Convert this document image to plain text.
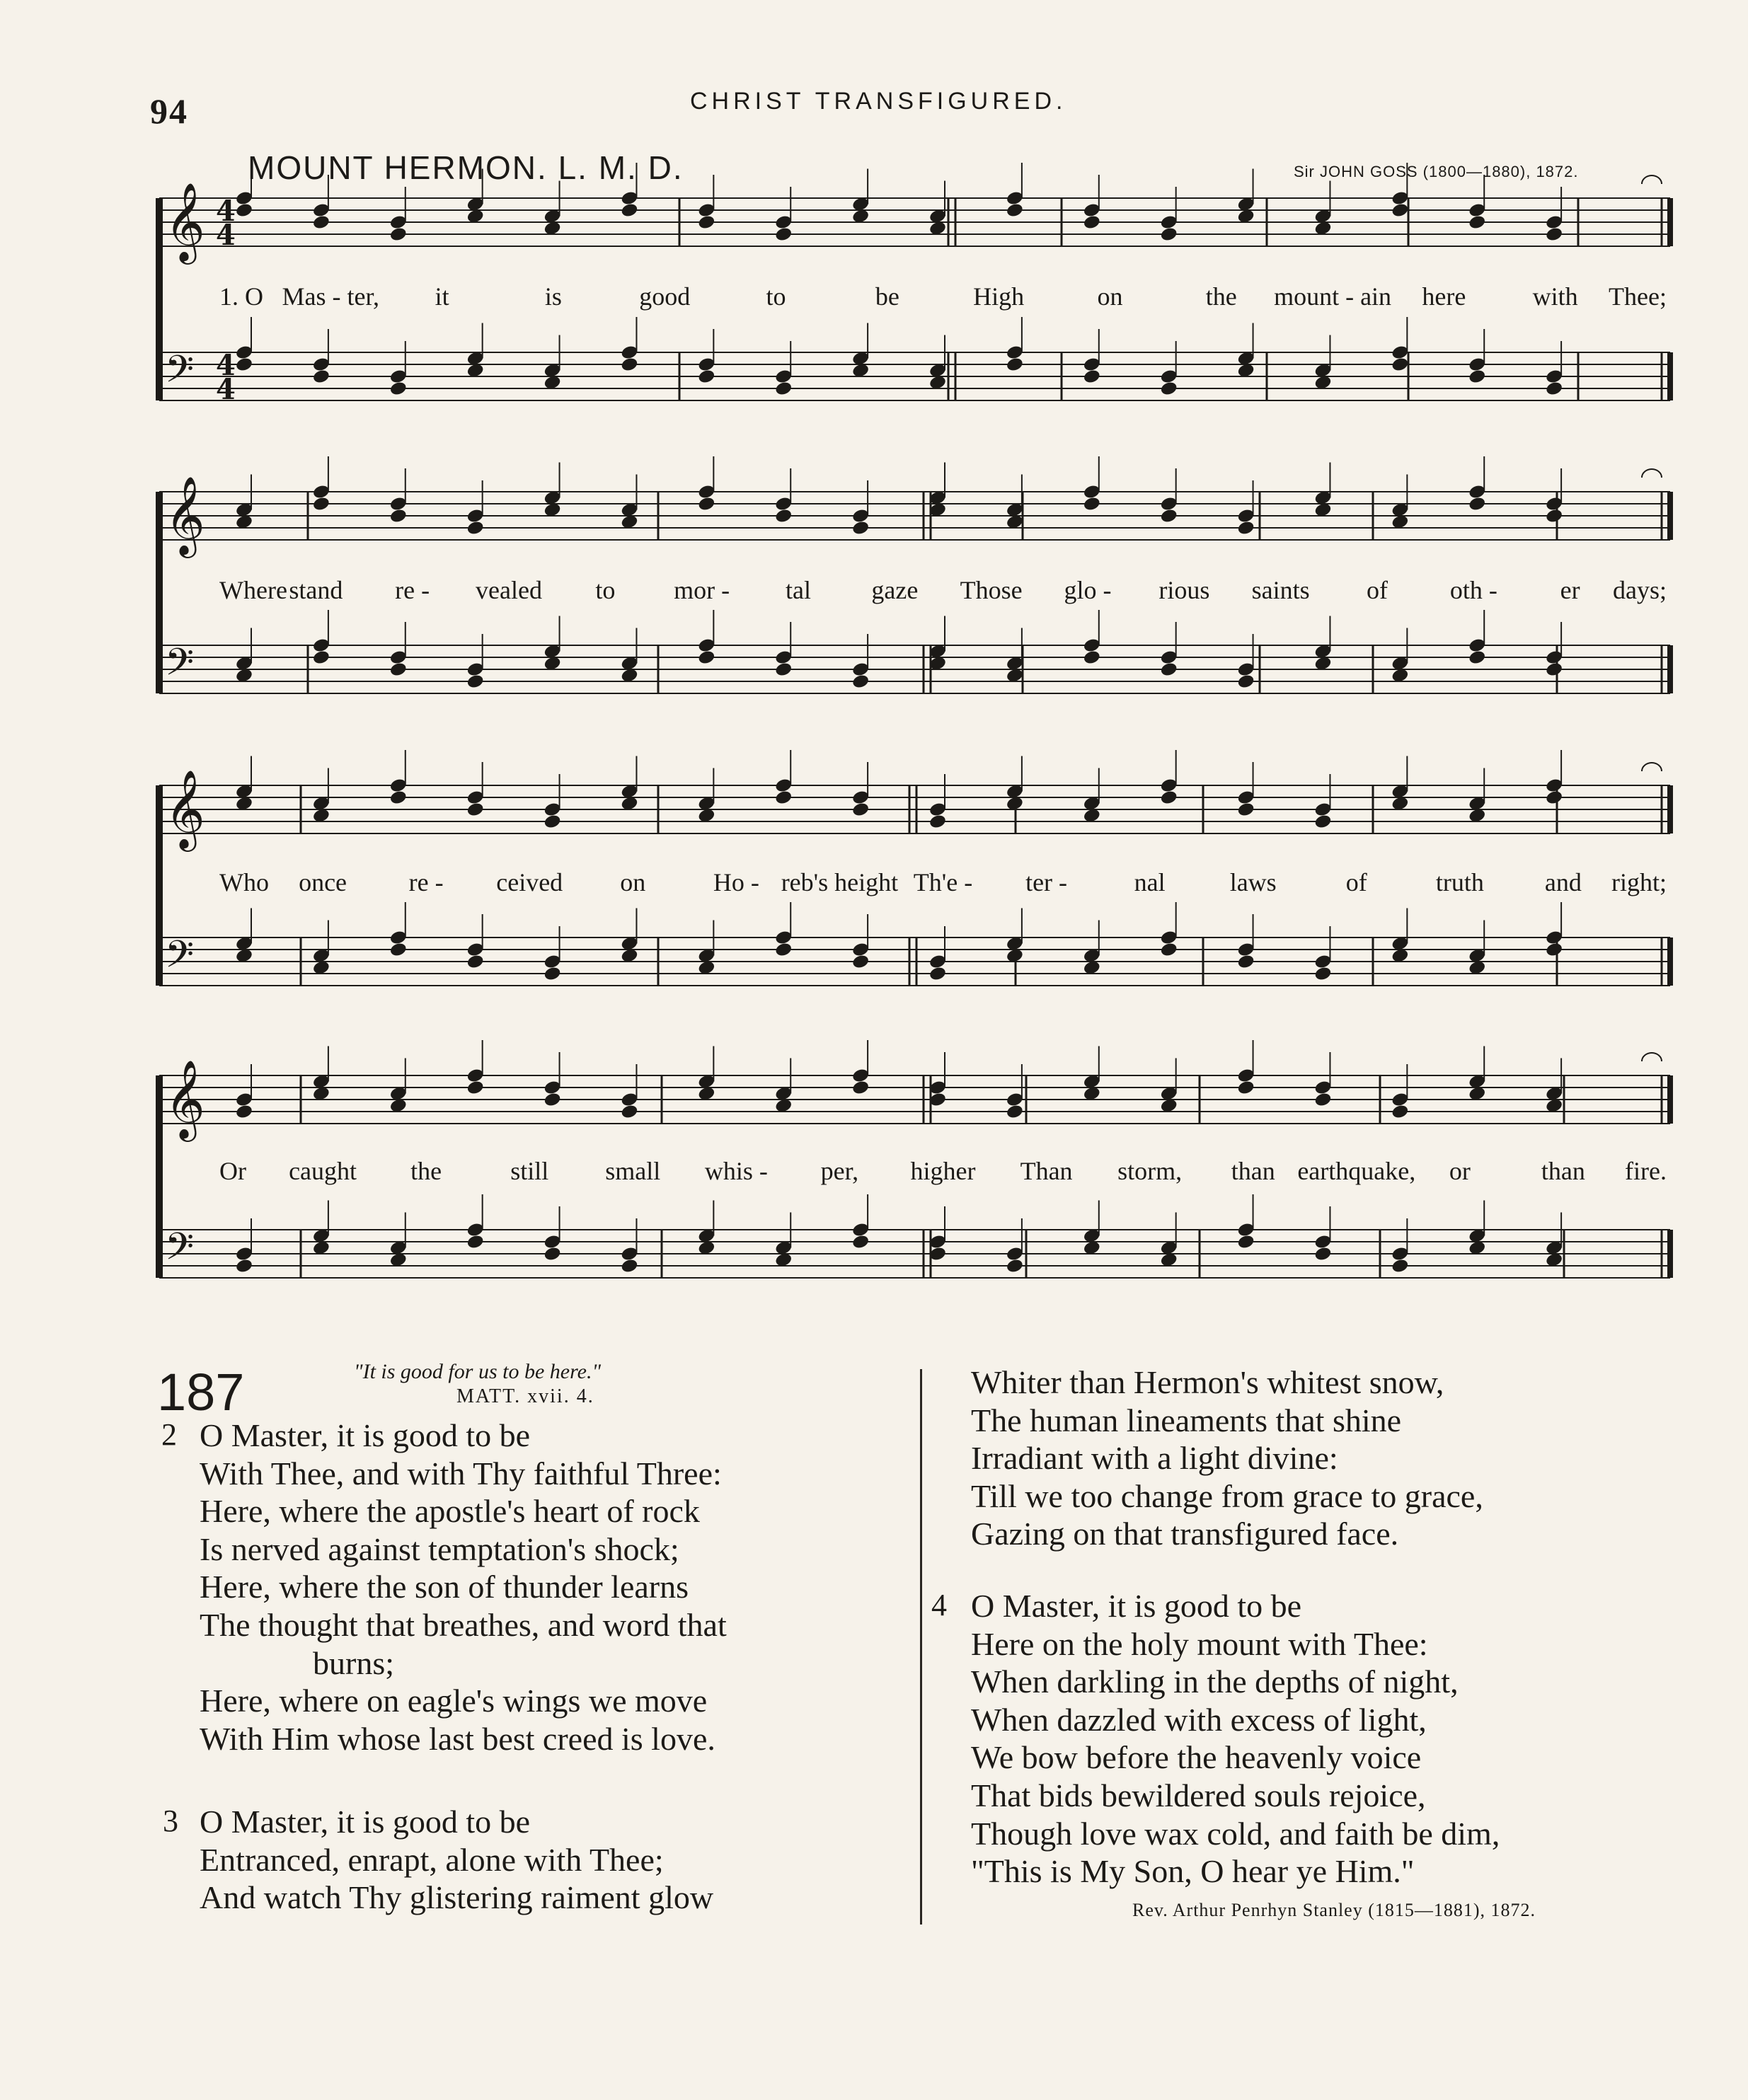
94	CHRIST TRANSFIGURED.
MOUNT HERMON. L. M. D.	Sir JOHN GOSS (1800—1880), 1872.
𝄞
𝄢
𝄞
𝄢
𝄞
𝄢
𝄞
𝄢
4
4
4
4
1. O Mas - ter, it	is	good	to	be	High	on	the mount - ain here	with Thee;
Where stand re - vealed to mor - tal gaze Those glo - rious saints of oth - er days;
Who once re - ceived on	Ho - reb's height Th'e - ter -	nal	laws	of	truth and right;
Or caught the	still small whis - per, higher Than storm, than earthquake, or	than fire.
187	"It is good for us to be here."
MATT. xvii. 4.
2 O Master, it is good to be
With Thee, and with Thy faithful Three:
Here, where the apostle's heart of rock
Is nerved against temptation's shock;
Here, where the son of thunder learns
The thought that breathes, and word that
burns;
Here, where on eagle's wings we move
With Him whose last best creed is love.
3 O Master, it is good to be
Entranced, enrapt, alone with Thee;
And watch Thy glistering raiment glow
Whiter than Hermon's whitest snow,
The human lineaments that shine
Irradiant with a light divine:
Till we too change from grace to grace,
Gazing on that transfigured face.
4 O Master, it is good to be
Here on the holy mount with Thee:
When darkling in the depths of night,
When dazzled with excess of light,
We bow before the heavenly voice
That bids bewildered souls rejoice,
Though love wax cold, and faith be dim,
"This is My Son, O hear ye Him."
Rev. Arthur Penrhyn Stanley (1815—1881), 1872.
